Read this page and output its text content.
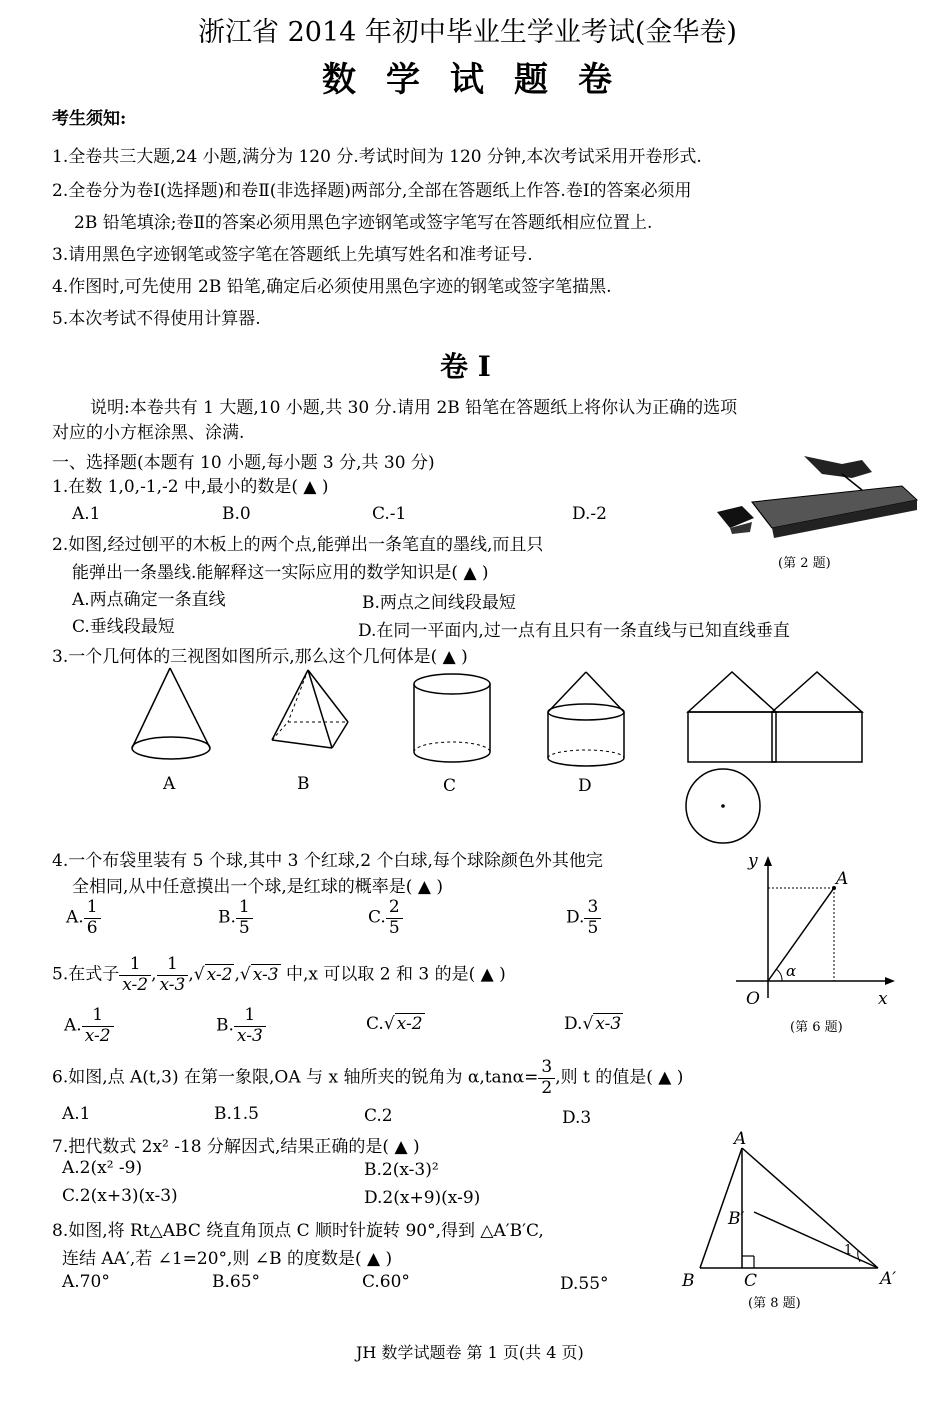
浙江省 2014 年初中毕业生学业考试(金华卷)
数学试题卷
考生须知:
1.全卷共三大题,24 小题,满分为 120 分.考试时间为 120 分钟,本次考试采用开卷形式.
2.全卷分为卷Ⅰ(选择题)和卷Ⅱ(非选择题)两部分,全部在答题纸上作答.卷Ⅰ的答案必须用
2B 铅笔填涂;卷Ⅱ的答案必须用黑色字迹钢笔或签字笔写在答题纸相应位置上.
3.请用黑色字迹钢笔或签字笔在答题纸上先填写姓名和准考证号.
4.作图时,可先使用 2B 铅笔,确定后必须使用黑色字迹的钢笔或签字笔描黑.
5.本次考试不得使用计算器.
卷 Ⅰ
说明:本卷共有 1 大题,10 小题,共 30 分.请用 2B 铅笔在答题纸上将你认为正确的选项
对应的小方框涂黑、涂满.
一、选择题(本题有 10 小题,每小题 3 分,共 30 分)
1.在数 1,0,-1,-2 中,最小的数是( ▲ )
A.1	B.0	C.-1	D.-2
(第 2 题)
2.如图,经过刨平的木板上的两个点,能弹出一条笔直的墨线,而且只
能弹出一条墨线.能解释这一实际应用的数学知识是( ▲ )
A.两点确定一条直线	B.两点之间线段最短
C.垂线段最短	D.在同一平面内,过一点有且只有一条直线与已知直线垂直
3.一个几何体的三视图如图所示,那么这个几何体是( ▲ )
A	B	C	D
4.一个布袋里装有 5 个球,其中 3 个红球,2 个白球,每个球除颜色外其他完
全相同,从中任意摸出一个球,是红球的概率是( ▲ )
A. $\frac{1}{6}$	B. $\frac{1}{5}$	C. $\frac{2}{5}$	D. $\frac{3}{5}$
5.在式子 $\frac{1}{x-2}$ , $\frac{1}{x-3}$ ,√ x-2 ,√ x-3 中,x 可以取 2 和 3 的是( ▲ )
A. $\frac{1}{x-2}$	B. $\frac{1}{x-3}$	C.√ x-2	D.√ x-3
y
x
O
A
α
(第 6 题)
6.如图,点 A(t,3) 在第一象限,OA 与 x 轴所夹的锐角为 $\alpha,\tan\alpha= \frac{3}{2}$ ,则 t 的值是( ▲ )
A.1	B.1.5	C.2	D.3
7.把代数式 2x² -18 分解因式,结果正确的是( ▲ )
A.2(x² -9)	B.2(x-3)²
C.2(x+3)(x-3)	D.2(x+9)(x-9)
8.如图,将 Rt△ABC 绕直角顶点 C 顺时针旋转 90°,得到 △A′B′C,
连结 AA′,若 ∠1=20°,则 ∠B 的度数是( ▲ )
A.70°	B.65°	C.60°	D.55°
A
B	C
B′
A′
1
(第 8 题)
JH 数学试题卷 第 1 页(共 4 页)
